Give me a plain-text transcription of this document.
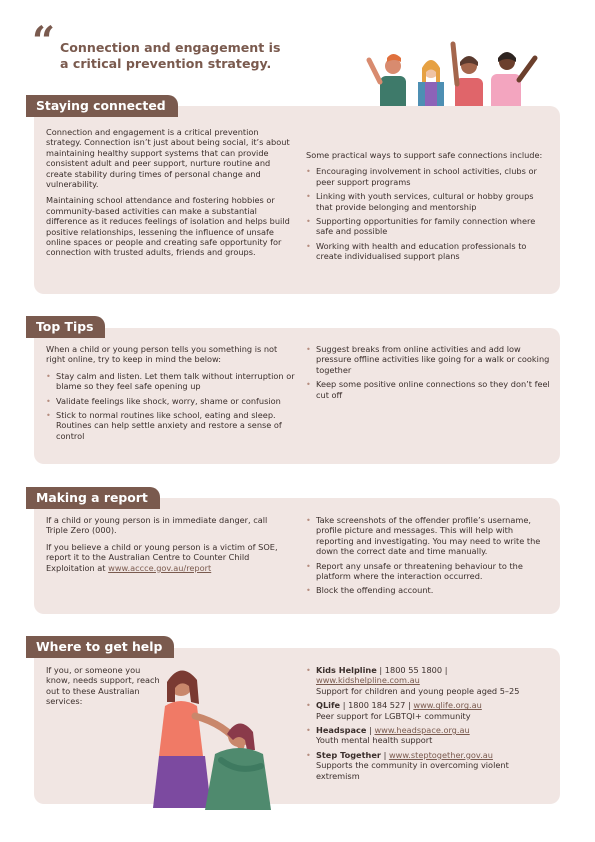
“ Connection and engagement is a critical prevention strategy.
Staying connected

Connection and engagement is a critical prevention strategy. Connection isn’t just about being social, it’s about maintaining healthy support systems that can provide consistent adult and peer support, nurture routine and create stability during times of personal change and vulnerability.

Maintaining school attendance and fostering hobbies or community-based activities can make a substantial difference as it reduces feelings of isolation and helps build positive relationships, lessening the influence of unsafe online spaces or people and creating safe opportunity for connection with trusted adults, friends and groups.

Some practical ways to support safe connections include:

• Encouraging involvement in school activities, clubs or peer support programs
• Linking with youth services, cultural or hobby groups that provide belonging and mentorship
• Supporting opportunities for family connection where safe and possible
• Working with health and education professionals to create individualised support plans
Top Tips

When a child or young person tells you something is not right online, try to keep in mind the below:

• Stay calm and listen. Let them talk without interruption or blame so they feel safe opening up
• Validate feelings like shock, worry, shame or confusion
• Stick to normal routines like school, eating and sleep. Routines can help settle anxiety and restore a sense of control
• Suggest breaks from online activities and add low pressure offline activities like going for a walk or cooking together
• Keep some positive online connections so they don’t feel cut off
Making a report

If a child or young person is in immediate danger, call Triple Zero (000).

If you believe a child or young person is a victim of SOE, report it to the Australian Centre to Counter Child Exploitation at www.accce.gov.au/report

• Take screenshots of the offender profile’s username, profile picture and messages. This will help with reporting and investigating. You may need to write the down the correct date and time manually.
• Report any unsafe or threatening behaviour to the platform where the interaction occurred.
• Block the offending account.
Where to get help

If you, or someone you know, needs support, reach out to these Australian services:

• Kids Helpline | 1800 55 1800 |
www.kidshelpline.com.au
Support for children and young people aged 5–25
• QLife | 1800 184 527 | www.qlife.org.au
Peer support for LGBTQI+ community
• Headspace | www.headspace.org.au
Youth mental health support
• Step Together | www.steptogether.gov.au
Supports the community in overcoming violent extremism
